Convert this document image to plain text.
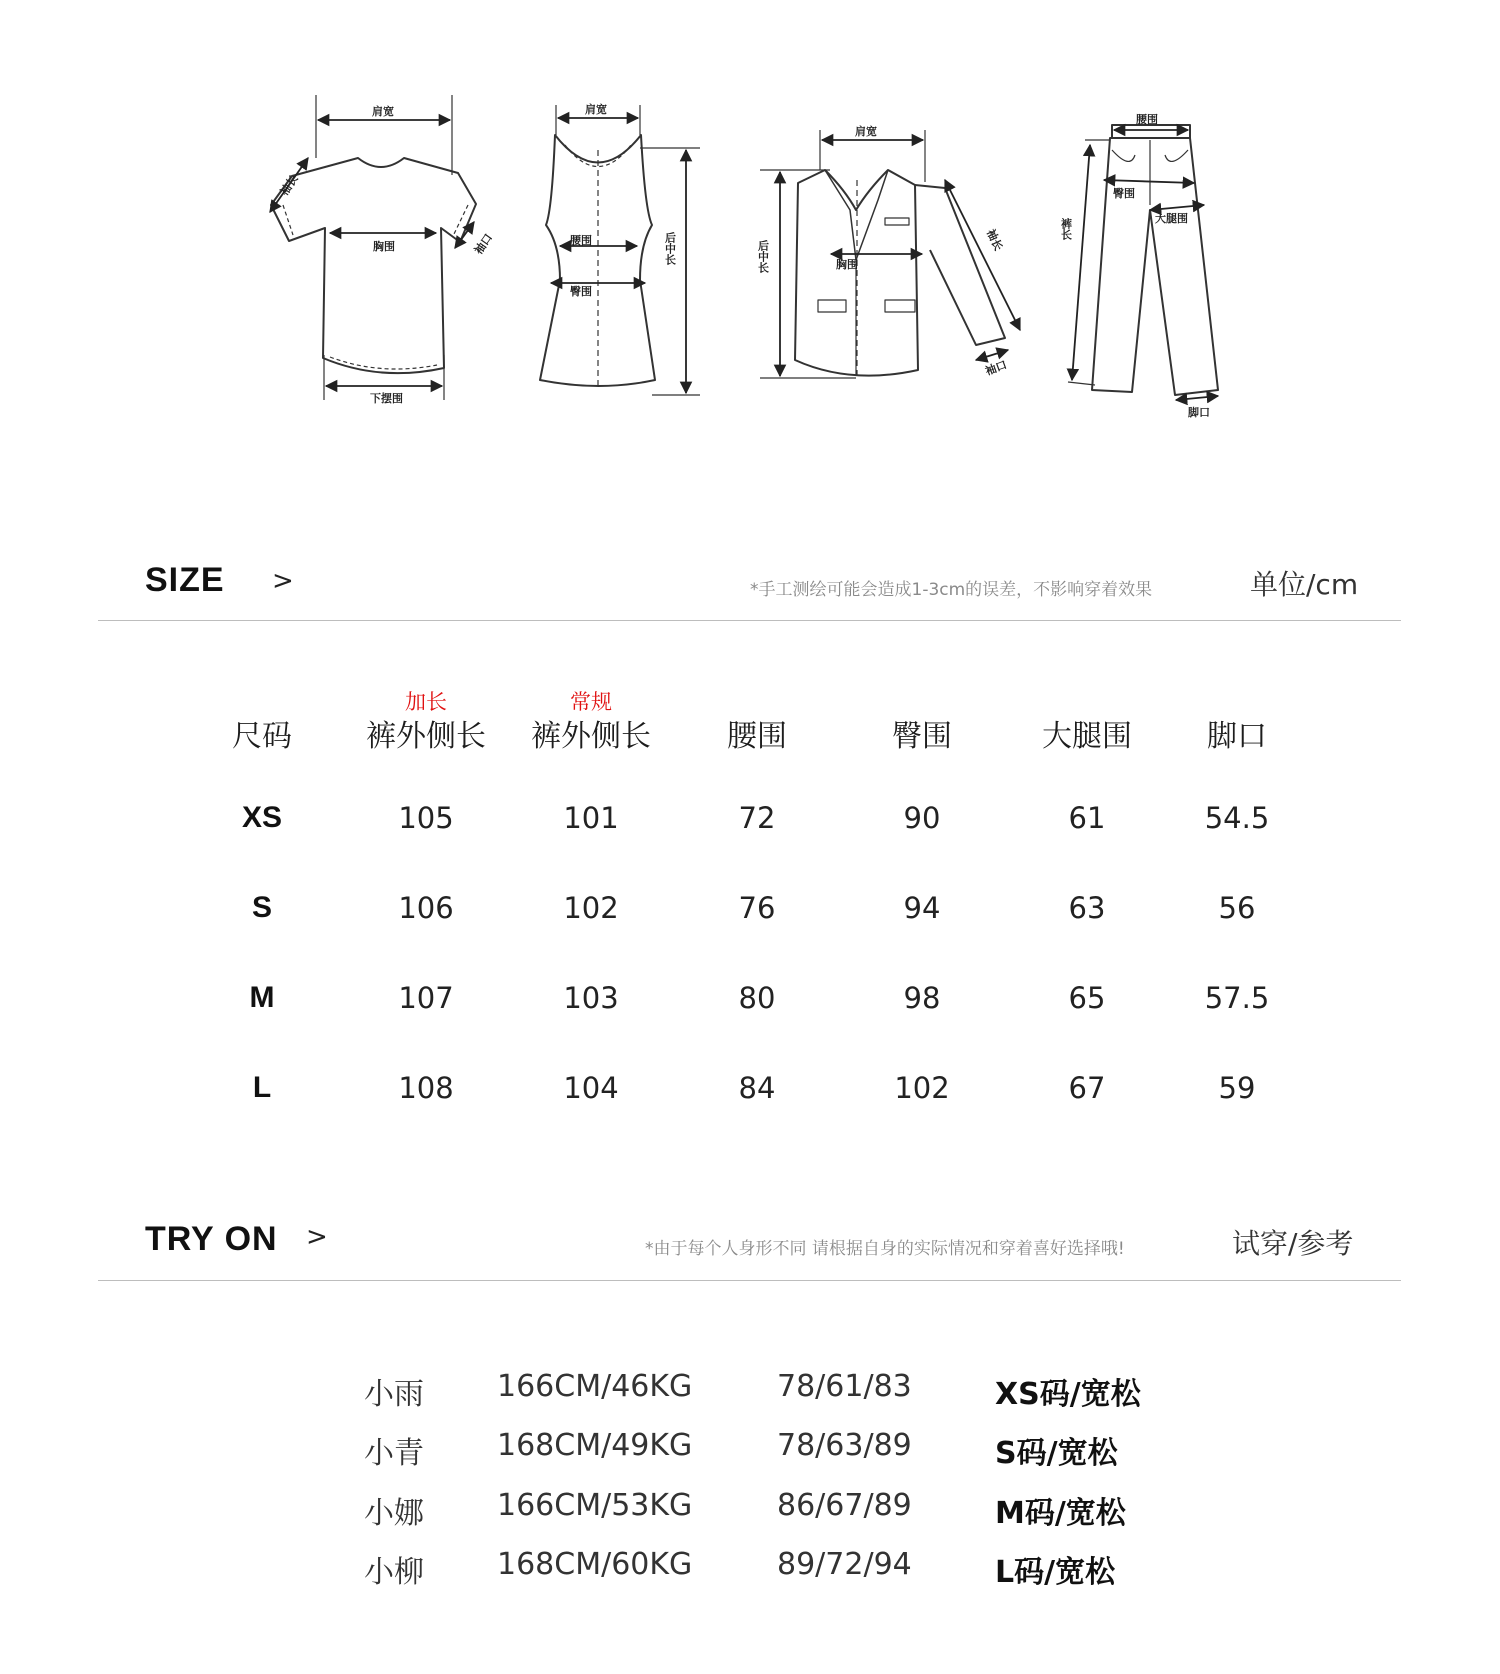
肩宽
袖长
胸围	袖口
下摆围
肩宽
腰围
臀围
后中长
肩宽
胸围
后中长	袖长
袖口
腰围
臀围
大腿围
裤长
脚口
SIZE >	*手工测绘可能会造成1-3cm的误差，不影响穿着效果	单位/cm
加长	常规
尺码	裤外侧长	裤外侧长	腰围	臀围	大腿围	脚口
XS	105	101	72	90	61	54.5
S	106	102	76	94	63	56
M	107	103	80	98	65	57.5
L	108	104	84	102	67	59
TRY ON >	*由于每个人身形不同 请根据自身的实际情况和穿着喜好选择哦!	试穿/参考
小雨 166CM/46KG	78/61/83	XS码/宽松
小青 168CM/49KG	78/63/89	S码/宽松
小娜 166CM/53KG	86/67/89	M码/宽松
小柳 168CM/60KG	89/72/94	L码/宽松
